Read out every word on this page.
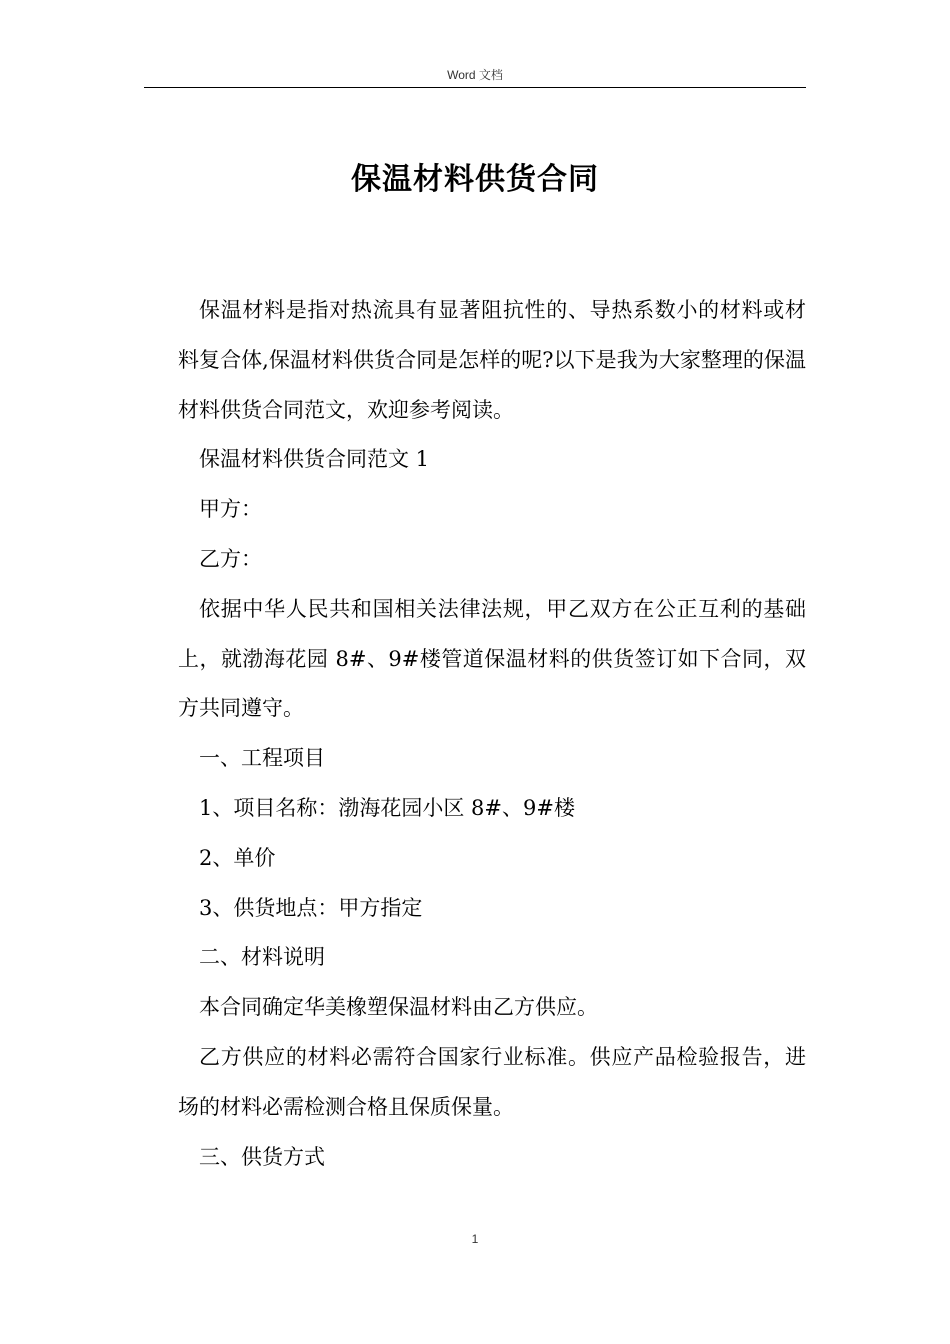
Word 文档
保温材料供货合同

保温材料是指对热流具有显著阻抗性的、导热系数小的材料或材料复合体,保温材料供货合同是怎样的呢?以下是我为大家整理的保温材料供货合同范文，欢迎参考阅读。

保温材料供货合同范文 1

甲方：

乙方：

依据中华人民共和国相关法律法规，甲乙双方在公正互利的基础上，就渤海花园 8#、9#楼管道保温材料的供货签订如下合同，双方共同遵守。

一、工程项目

1、项目名称：渤海花园小区 8#、9#楼

2、单价

3、供货地点：甲方指定

二、材料说明

本合同确定华美橡塑保温材料由乙方供应。

乙方供应的材料必需符合国家行业标准。供应产品检验报告，进场的材料必需检测合格且保质保量。

三、供货方式

1
